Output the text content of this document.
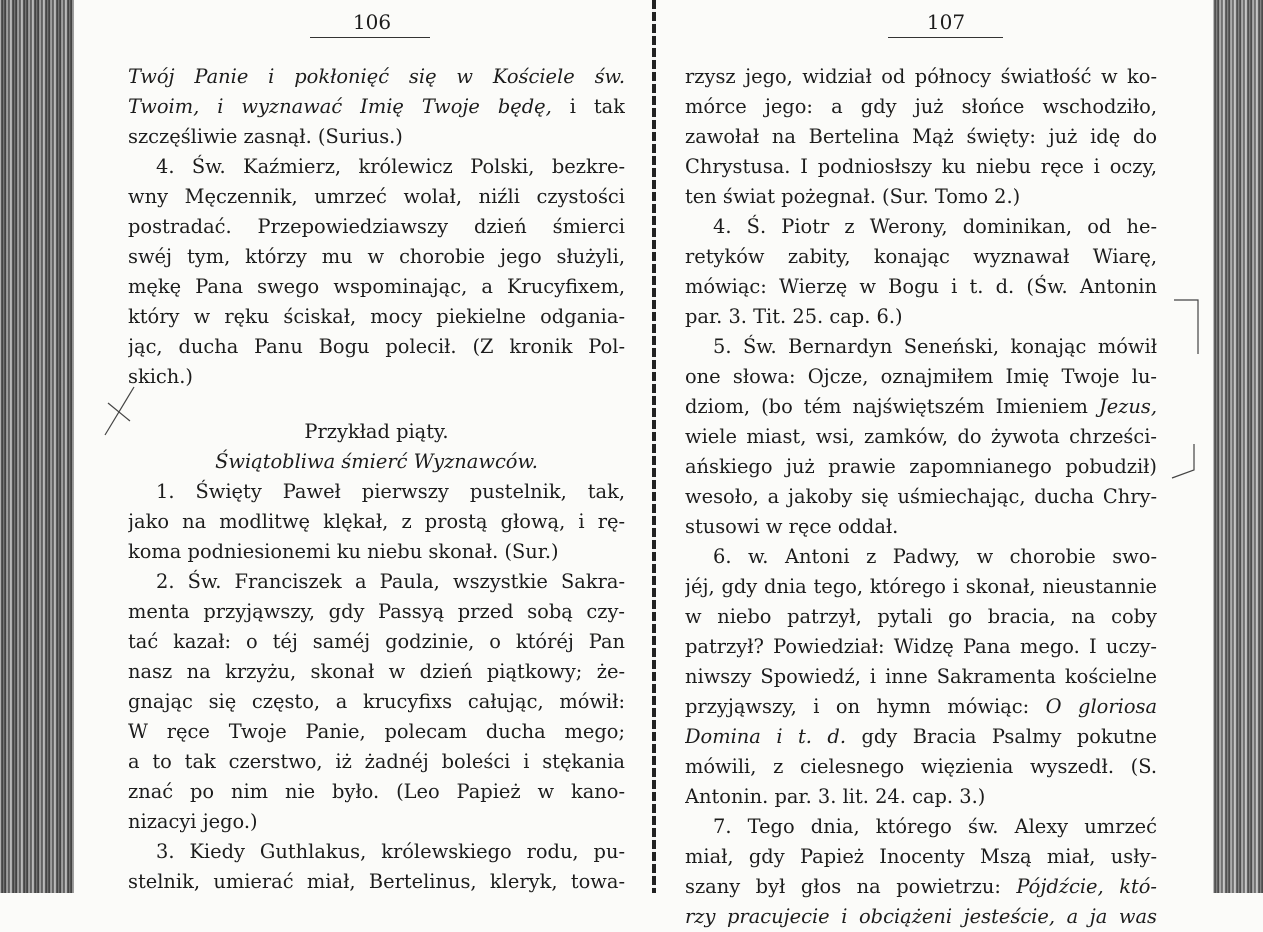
106
Twój Panie i pokłonięć się w Kościele św.
Twoim, i wyznawać Imię Twoje będę, i tak
szczęśliwie zasnął. (Surius.)
4. Św. Kaźmierz, królewicz Polski, bezkre-
wny Męczennik, umrzeć wolał, niźli czystości
postradać. Przepowiedziawszy dzień śmierci
swéj tym, którzy mu w chorobie jego służyli,
mękę Pana swego wspominając, a Krucyfixem,
który w ręku ściskał, mocy piekielne odgania-
jąc, ducha Panu Bogu polecił. (Z kronik Pol-
skich.)
Przykład piąty.
Świątobliwa śmierć Wyznawców.
1. Święty Paweł pierwszy pustelnik, tak,
jako na modlitwę klękał, z prostą głową, i rę-
koma podniesionemi ku niebu skonał. (Sur.)
2. Św. Franciszek a Paula, wszystkie Sakra-
menta przyjąwszy, gdy Passyą przed sobą czy-
tać kazał: o téj saméj godzinie, o któréj Pan
nasz na krzyżu, skonał w dzień piątkowy; że-
gnając się często, a krucyfixs całując, mówił:
W ręce Twoje Panie, polecam ducha mego;
a to tak czerstwo, iż żadnéj boleści i stękania
znać po nim nie było. (Leo Papież w kano-
nizacyi jego.)
3. Kiedy Guthlakus, królewskiego rodu, pu-
stelnik, umierać miał, Bertelinus, kleryk, towa-
107
rzysz jego, widział od północy światłość w ko-
mórce jego: a gdy już słońce wschodziło,
zawołał na Bertelina Mąż święty: już idę do
Chrystusa. I podniosłszy ku niebu ręce i oczy,
ten świat pożegnał. (Sur. Tomo 2.)
4. Ś. Piotr z Werony, dominikan, od he-
retyków zabity, konając wyznawał Wiarę,
mówiąc: Wierzę w Bogu i t. d. (Św. Antonin
par. 3. Tit. 25. cap. 6.)
5. Św. Bernardyn Seneński, konając mówił
one słowa: Ojcze, oznajmiłem Imię Twoje lu-
dziom, (bo tém najświętszém Imieniem Jezus,
wiele miast, wsi, zamków, do żywota chrześci-
ańskiego już prawie zapomnianego pobudził)
wesoło, a jakoby się uśmiechając, ducha Chry-
stusowi w ręce oddał.
6. w. Antoni z Padwy, w chorobie swo-
jéj, gdy dnia tego, którego i skonał, nieustannie
w niebo patrzył, pytali go bracia, na coby
patrzył? Powiedział: Widzę Pana mego. I uczy-
niwszy Spowiedź, i inne Sakramenta kościelne
przyjąwszy, i on hymn mówiąc: O gloriosa
Domina i t. d. gdy Bracia Psalmy pokutne
mówili, z cielesnego więzienia wyszedł. (S.
Antonin. par. 3. lit. 24. cap. 3.)
7. Tego dnia, którego św. Alexy umrzeć
miał, gdy Papież Inocenty Mszą miał, usły-
szany był głos na powietrzu: Pójdźcie, któ-
rzy pracujecie i obciążeni jesteście, a ja was
